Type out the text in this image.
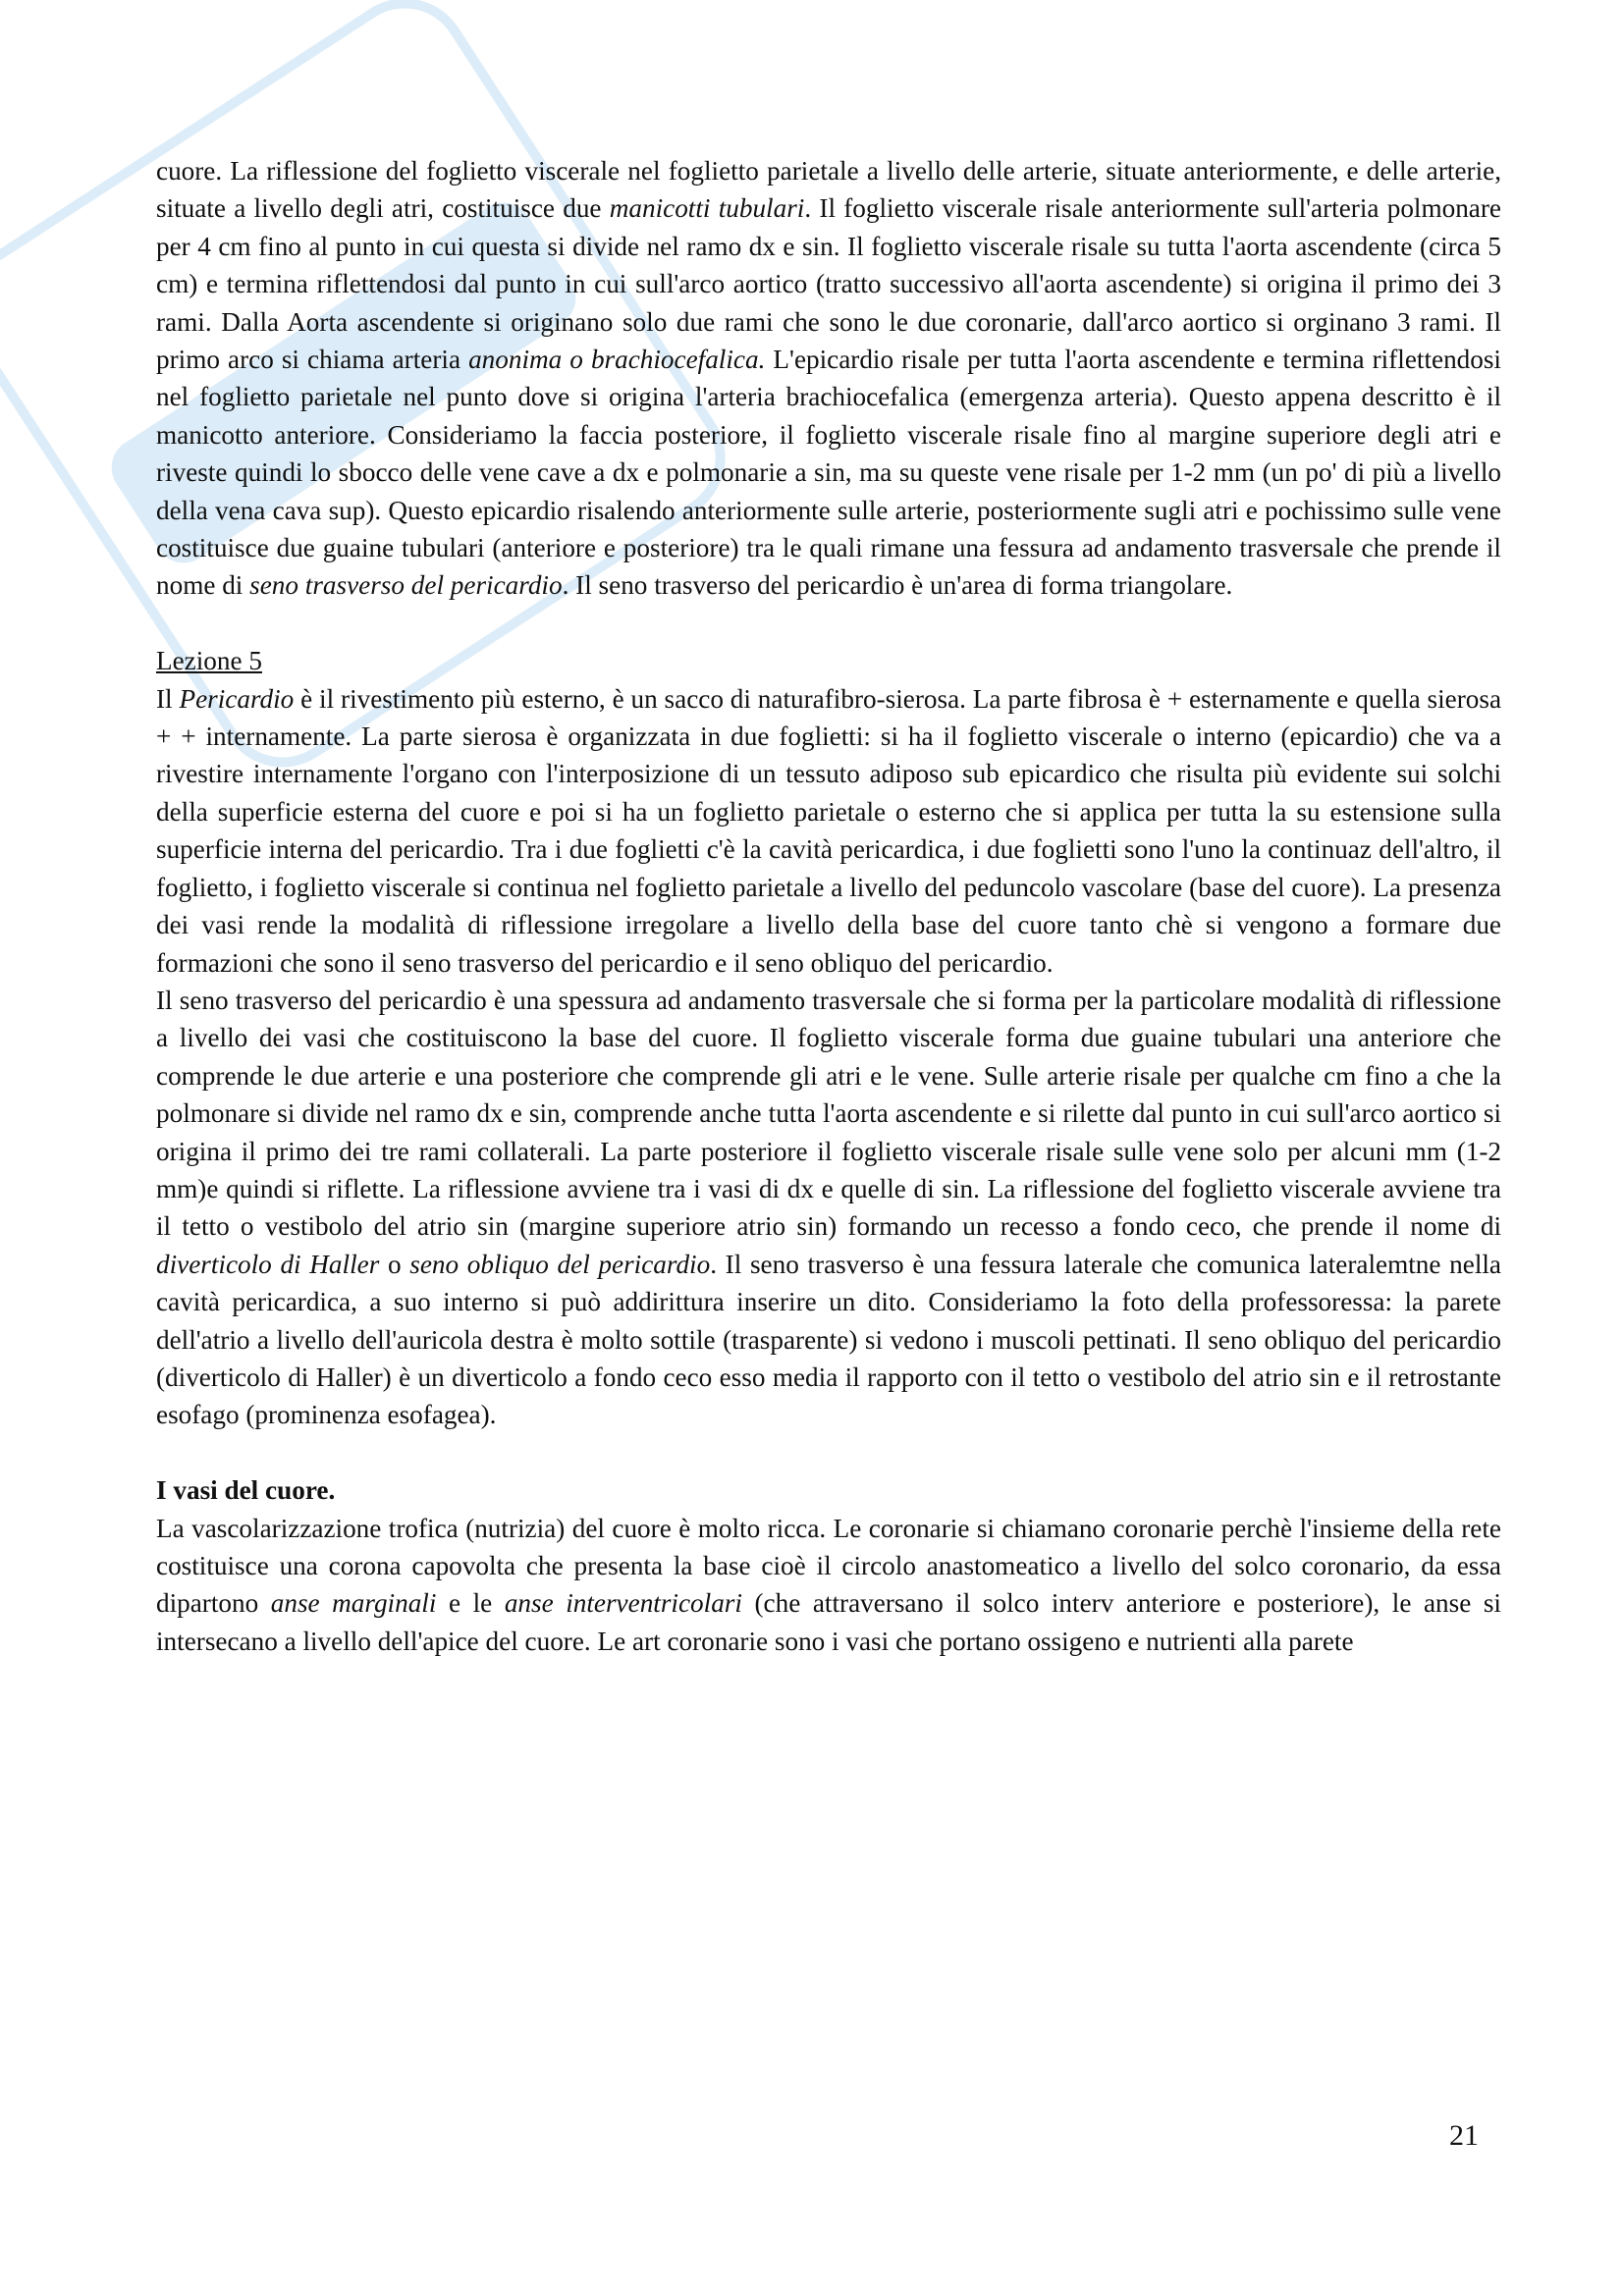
cuore. La riflessione del foglietto viscerale nel foglietto parietale a livello delle arterie, situate anteriormente, e delle arterie, situate a livello degli atri, costituisce due manicotti tubulari. Il foglietto viscerale risale anteriormente sull'arteria polmonare per 4 cm fino al punto in cui questa si divide nel ramo dx e sin. Il foglietto viscerale risale su tutta l'aorta ascendente (circa 5 cm) e termina riflettendosi dal punto in cui sull'arco aortico (tratto successivo all'aorta ascendente) si origina il primo dei 3 rami. Dalla Aorta ascendente si originano solo due rami che sono le due coronarie, dall'arco aortico si orginano 3 rami. Il primo arco si chiama arteria anonima o brachiocefalica. L'epicardio risale per tutta l'aorta ascendente e termina riflettendosi nel foglietto parietale nel punto dove si origina l'arteria brachiocefalica (emergenza arteria). Questo appena descritto è il manicotto anteriore. Consideriamo la faccia posteriore, il foglietto viscerale risale fino al margine superiore degli atri e riveste quindi lo sbocco delle vene cave a dx e polmonarie a sin, ma su queste vene risale per 1-2 mm (un po' di più a livello della vena cava sup). Questo epicardio risalendo anteriormente sulle arterie, posteriormente sugli atri e pochissimo sulle vene costituisce due guaine tubulari (anteriore e posteriore) tra le quali rimane una fessura ad andamento trasversale che prende il nome di seno trasverso del pericardio. Il seno trasverso del pericardio è un'area di forma triangolare.

Lezione 5

Il Pericardio è il rivestimento più esterno, è un sacco di naturafibro-sierosa. La parte fibrosa è + esternamente e quella sierosa + + internamente. La parte sierosa è organizzata in due foglietti: si ha il foglietto viscerale o interno (epicardio) che va a rivestire internamente l'organo con l'interposizione di un tessuto adiposo sub epicardico che risulta più evidente sui solchi della superficie esterna del cuore e poi si ha un foglietto parietale o esterno che si applica per tutta la su estensione sulla superficie interna del pericardio. Tra i due foglietti c'è la cavità pericardica, i due foglietti sono l'uno la continuaz dell'altro, il foglietto, i foglietto viscerale si continua nel foglietto parietale a livello del peduncolo vascolare (base del cuore). La presenza dei vasi rende la modalità di riflessione irregolare a livello della base del cuore tanto chè si vengono a formare due formazioni che sono il seno trasverso del pericardio e il seno obliquo del pericardio.

Il seno trasverso del pericardio è una spessura ad andamento trasversale che si forma per la particolare modalità di riflessione a livello dei vasi che costituiscono la base del cuore. Il foglietto viscerale forma due guaine tubulari una anteriore che comprende le due arterie e una posteriore che comprende gli atri e le vene. Sulle arterie risale per qualche cm fino a che la polmonare si divide nel ramo dx e sin, comprende anche tutta l'aorta ascendente e si rilette dal punto in cui sull'arco aortico si origina il primo dei tre rami collaterali. La parte posteriore il foglietto viscerale risale sulle vene solo per alcuni mm (1-2 mm)e quindi si riflette. La riflessione avviene tra i vasi di dx e quelle di sin. La riflessione del foglietto viscerale avviene tra il tetto o vestibolo del atrio sin (margine superiore atrio sin) formando un recesso a fondo ceco, che prende il nome di diverticolo di Haller o seno obliquo del pericardio. Il seno trasverso è una fessura laterale che comunica lateralemtne nella cavità pericardica, a suo interno si può addirittura inserire un dito. Consideriamo la foto della professoressa: la parete dell'atrio a livello dell'auricola destra è molto sottile (trasparente) si vedono i muscoli pettinati. Il seno obliquo del pericardio (diverticolo di Haller) è un diverticolo a fondo ceco esso media il rapporto con il tetto o vestibolo del atrio sin e il retrostante esofago (prominenza esofagea).

I vasi del cuore.

La vascolarizzazione trofica (nutrizia) del cuore è molto ricca. Le coronarie si chiamano coronarie perchè l'insieme della rete costituisce una corona capovolta che presenta la base cioè il circolo anastomeatico a livello del solco coronario, da essa dipartono anse marginali e le anse interventricolari (che attraversano il solco interv anteriore e posteriore), le anse si intersecano a livello dell'apice del cuore. Le art coronarie sono i vasi che portano ossigeno e nutrienti alla parete

21
